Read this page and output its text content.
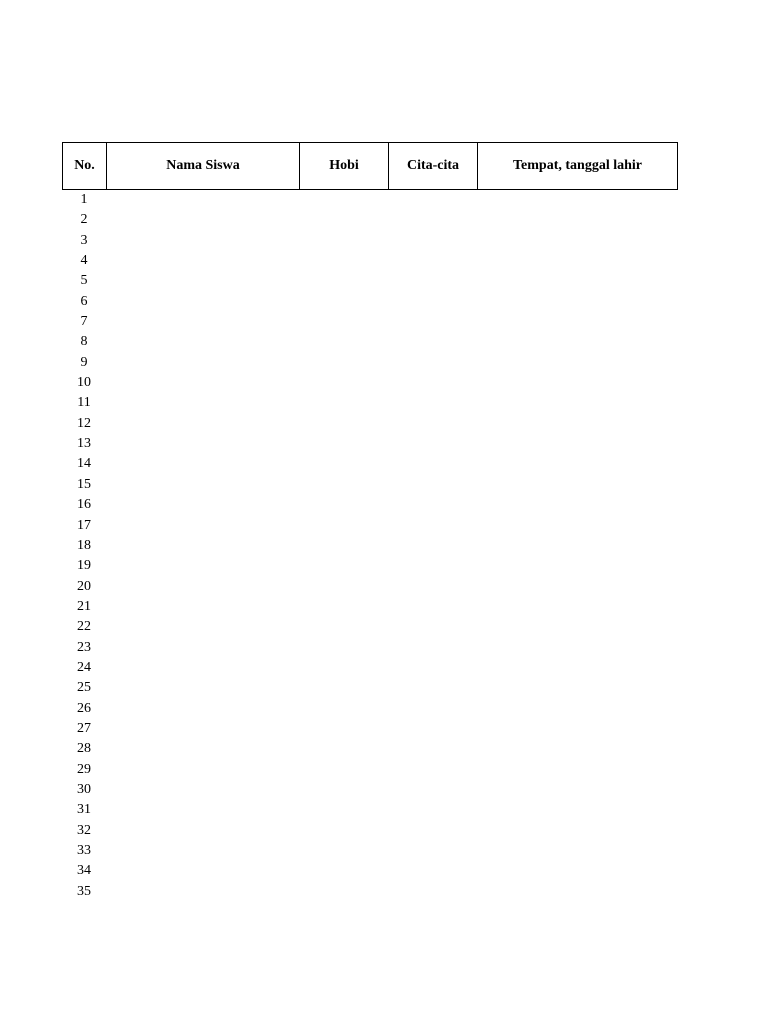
No.	Nama Siswa	Hobi	Cita-cita	Tempat, tanggal lahir
1
2
3
4
5
6
7
8
9
10
11
12
13
14
15
16
17
18
19
20
21
22
23
24
25
26
27
28
29
30
31
32
33
34
35
